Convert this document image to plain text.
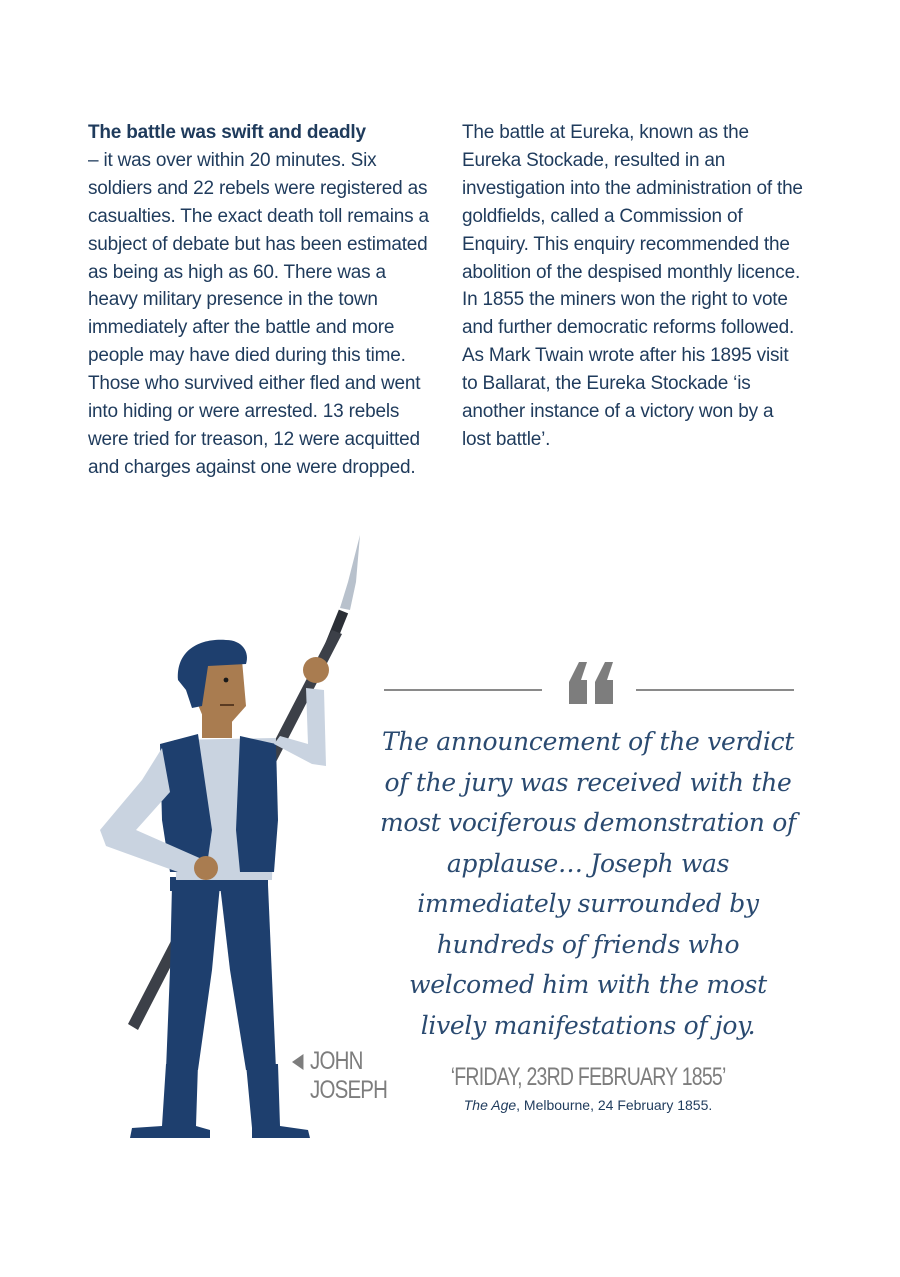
The battle was swift and deadly
– it was over within 20 minutes. Six soldiers and 22 rebels were registered as casualties. The exact death toll remains a subject of debate but has been estimated as being as high as 60. There was a heavy military presence in the town immediately after the battle and more people may have died during this time. Those who survived either fled and went into hiding or were arrested. 13 rebels were tried for treason, 12 were acquitted and charges against one were dropped.

The battle at Eureka, known as the Eureka Stockade, resulted in an investigation into the administration of the goldfields, called a Commission of Enquiry. This enquiry recommended the abolition of the despised monthly licence. In 1855 the miners won the right to vote and further democratic reforms followed. As Mark Twain wrote after his 1895 visit to Ballarat, the Eureka Stockade ‘is another instance of a victory won by a lost battle’.

JOHN
JOSEPH
The announcement of the verdict of the jury was received with the most vociferous demonstration of applause… Joseph was immediately surrounded by hundreds of friends who welcomed him with the most lively manifestations of joy.
‘FRIDAY, 23RD FEBRUARY 1855’
The Age, Melbourne, 24 February 1855.
